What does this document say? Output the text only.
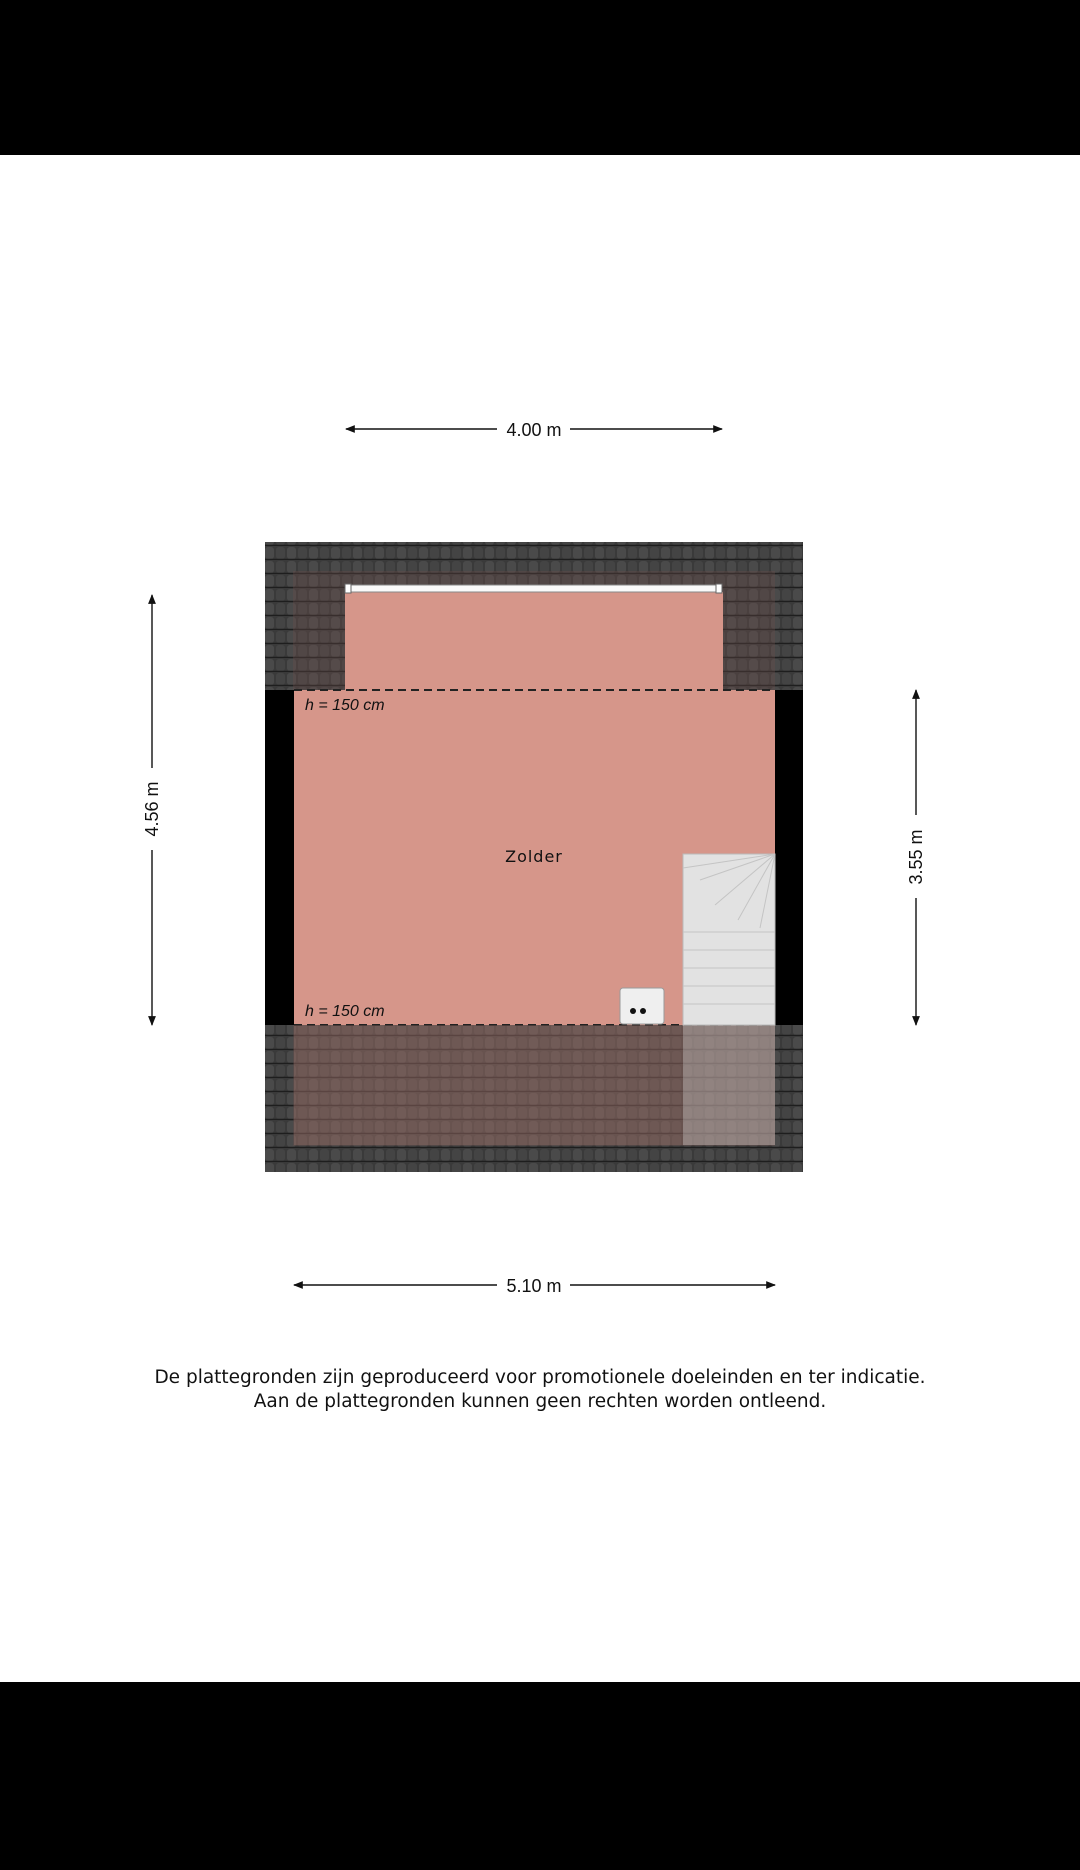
h = 150 cm
h = 150 cm
Zolder
4.00 m
5.10 m
4.56 m
3.55 m
De plattegronden zijn geproduceerd voor promotionele doeleinden en ter indicatie.
Aan de plattegronden kunnen geen rechten worden ontleend.
